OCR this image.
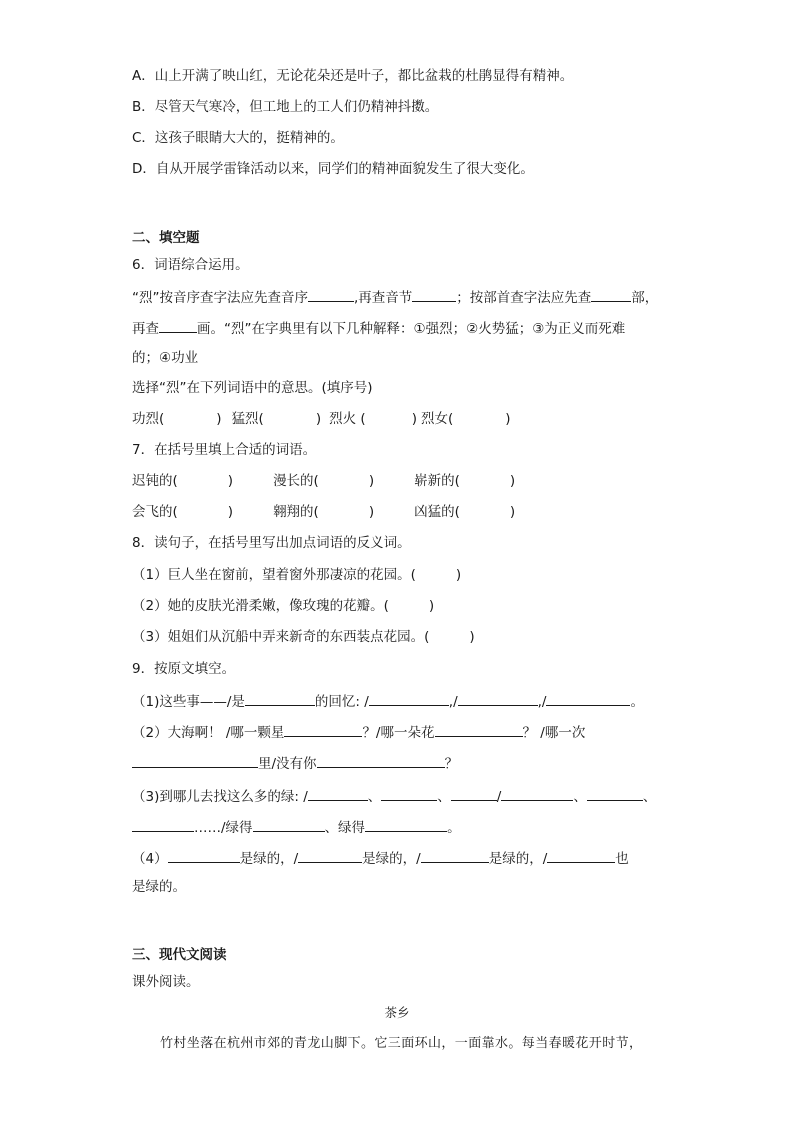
A．山上开满了映山红，无论花朵还是叶子，都比盆栽的杜鹃显得有精神。
B．尽管天气寒冷，但工地上的工人们仍精神抖擞。
C．这孩子眼睛大大的，挺精神的。
D．自从开展学雷锋活动以来，同学们的精神面貌发生了很大变化。
二、填空题
6．词语综合运用。
“烈”按音序查字法应先查音序	,再查音节	；按部首查字法应先查	部，
再查	画。“烈”在字典里有以下几种解释：①强烈；②火势猛；③为正义而死难
的；④功业
选择“烈”在下列词语中的意思。(填序号)
功烈(	) 猛烈(	) 烈火 (	) 烈女(	)
7．在括号里填上合适的词语。
迟钝的(	)	漫长的(	)	崭新的(	)
会飞的(	)	翱翔的(	)	凶猛的(	)
8．读句子，在括号里写出加点词语的反义词。
（1）巨人坐在窗前，望着窗外那凄凉的花园。(	)
（2）她的皮肤光滑柔嫩，像玫瑰的花瓣。(	)
（3）姐姐们从沉船中弄来新奇的东西装点花园。(	)
9．按原文填空。
（1)这些事——/是	的回忆: /	,/	,/	。
（2）大海啊！ /哪一颗星	？/哪一朵花	？ /哪一次
里/没有你	？
（3)到哪儿去找这么多的绿: /	、	、	/	、	、
……/绿得	、绿得	。
（4）	是绿的，/	是绿的，/	是绿的，/	也
是绿的。
三、现代文阅读
课外阅读。
茶乡
竹村坐落在杭州市郊的青龙山脚下。它三面环山，一面靠水。每当春暖花开时节，
